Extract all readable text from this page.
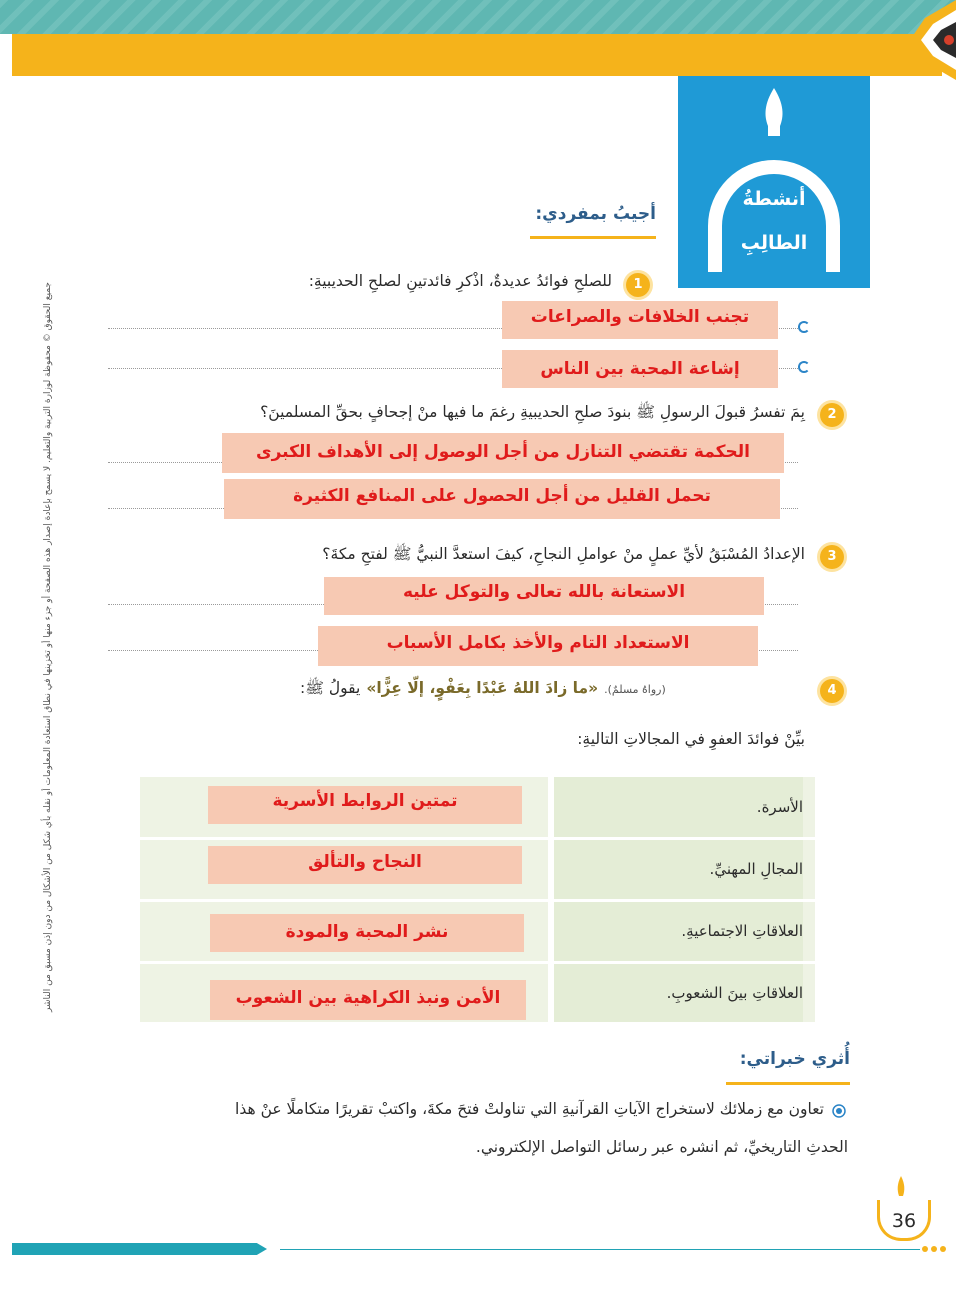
جميع الحقوق © محفوظة لوزارة التربية والتعليم. لا يسمح بإعادة إصدار هذه الصفحة أو جزء منها أو تخزينها في نطاق استعادة المعلومات أو نقله بأي شكل من الأشكال من دون إذن مسبق من الناشر
أنشطةُ
الطالِبِ
أجيبُ بمفردي:
1
للصلحِ فوائدُ عديدةٌ، اذْكرِ فائدتينِ لصلحِ الحديبيةِ:
تجنب الخلافات والصراعات
إشاعة المحبة بين الناس
2
بِمَ تفسرُ قبولَ الرسولِ ﷺ بنودَ صلحِ الحديبيةِ رغمَ ما فيها منْ إجحافٍ بحقِّ المسلمينَ؟
الحكمة تقتضي التنازل من أجل الوصول إلى الأهداف الكبرى
تحمل القليل من أجل الحصول على المنافع الكثيرة
3
الإعدادُ المُسْبَقُ لأيِّ عملٍ منْ عواملِ النجاحِ، كيفَ استعدَّ النبيُّ ﷺ لفتحِ مكةَ؟
الاستعانة بالله تعالى والتوكل عليه
الاستعداد التام والأخذ بكامل الأسباب
4
يقولُ ﷺ: «ما زادَ اللهُ عَبْدًا بِعَفْوٍ، إلّا عِزًّا» (رواهُ مسلمٌ).
بيِّنْ فوائدَ العفوِ في المجالاتِ التاليةِ:
الأسرة.
المجالِ المهنيِّ.
العلاقاتِ الاجتماعيةِ.
العلاقاتِ بينَ الشعوبِ.
تمتين الروابط الأسرية
النجاح والتألق
نشر المحبة والمودة
الأمن ونبذ الكراهية بين الشعوب
أُثري خبراتي:
تعاون مع زملائك لاستخراج الآياتِ القرآنيةِ التي تناولتْ فتحَ مكةَ، واكتبْ تقريرًا متكاملًا عنْ هذا
الحدثِ التاريخيِّ، ثم انشره عبر رسائل التواصل الإلكتروني.
36
